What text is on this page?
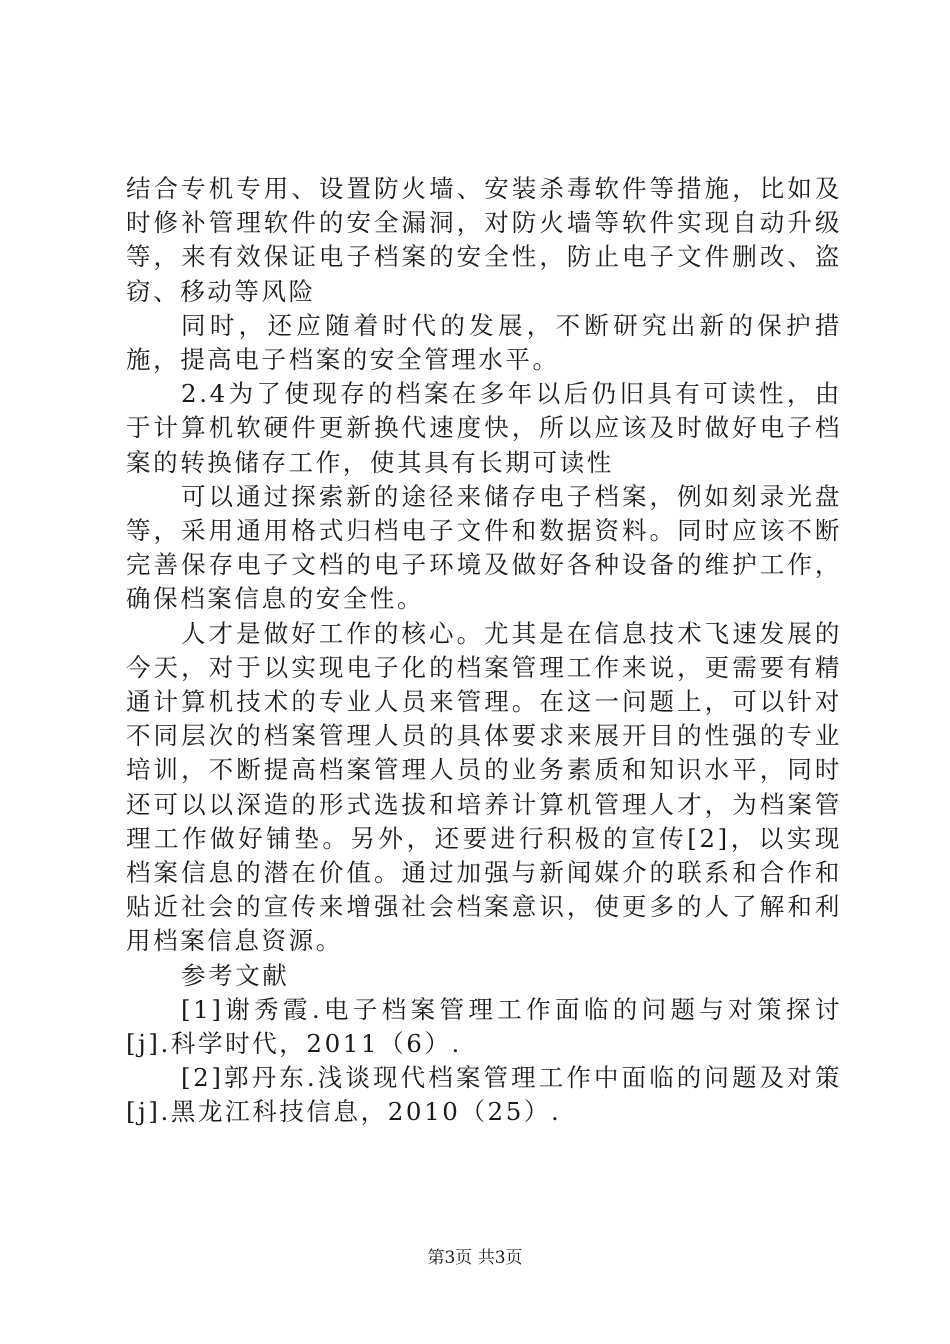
结合专机专用、设置防火墙、安装杀毒软件等措施，比如及时修补管理软件的安全漏洞，对防火墙等软件实现自动升级等，来有效保证电子档案的安全性，防止电子文件删改、盗窃、移动等风险

同时，还应随着时代的发展，不断研究出新的保护措施，提高电子档案的安全管理水平。

2.4为了使现存的档案在多年以后仍旧具有可读性，由于计算机软硬件更新换代速度快，所以应该及时做好电子档案的转换储存工作，使其具有长期可读性

可以通过探索新的途径来储存电子档案，例如刻录光盘等，采用通用格式归档电子文件和数据资料。同时应该不断完善保存电子文档的电子环境及做好各种设备的维护工作，确保档案信息的安全性。

人才是做好工作的核心。尤其是在信息技术飞速发展的今天，对于以实现电子化的档案管理工作来说，更需要有精通计算机技术的专业人员来管理。在这一问题上，可以针对不同层次的档案管理人员的具体要求来展开目的性强的专业培训，不断提高档案管理人员的业务素质和知识水平，同时还可以以深造的形式选拔和培养计算机管理人才，为档案管理工作做好铺垫。另外，还要进行积极的宣传[2]，以实现档案信息的潜在价值。通过加强与新闻媒介的联系和合作和贴近社会的宣传来增强社会档案意识，使更多的人了解和利用档案信息资源。

参考文献

[1]谢秀霞.电子档案管理工作面临的问题与对策探讨[j].科学时代，2011（6）.

[2]郭丹东.浅谈现代档案管理工作中面临的问题及对策[j].黑龙江科技信息，2010（25）.

第3页 共3页
